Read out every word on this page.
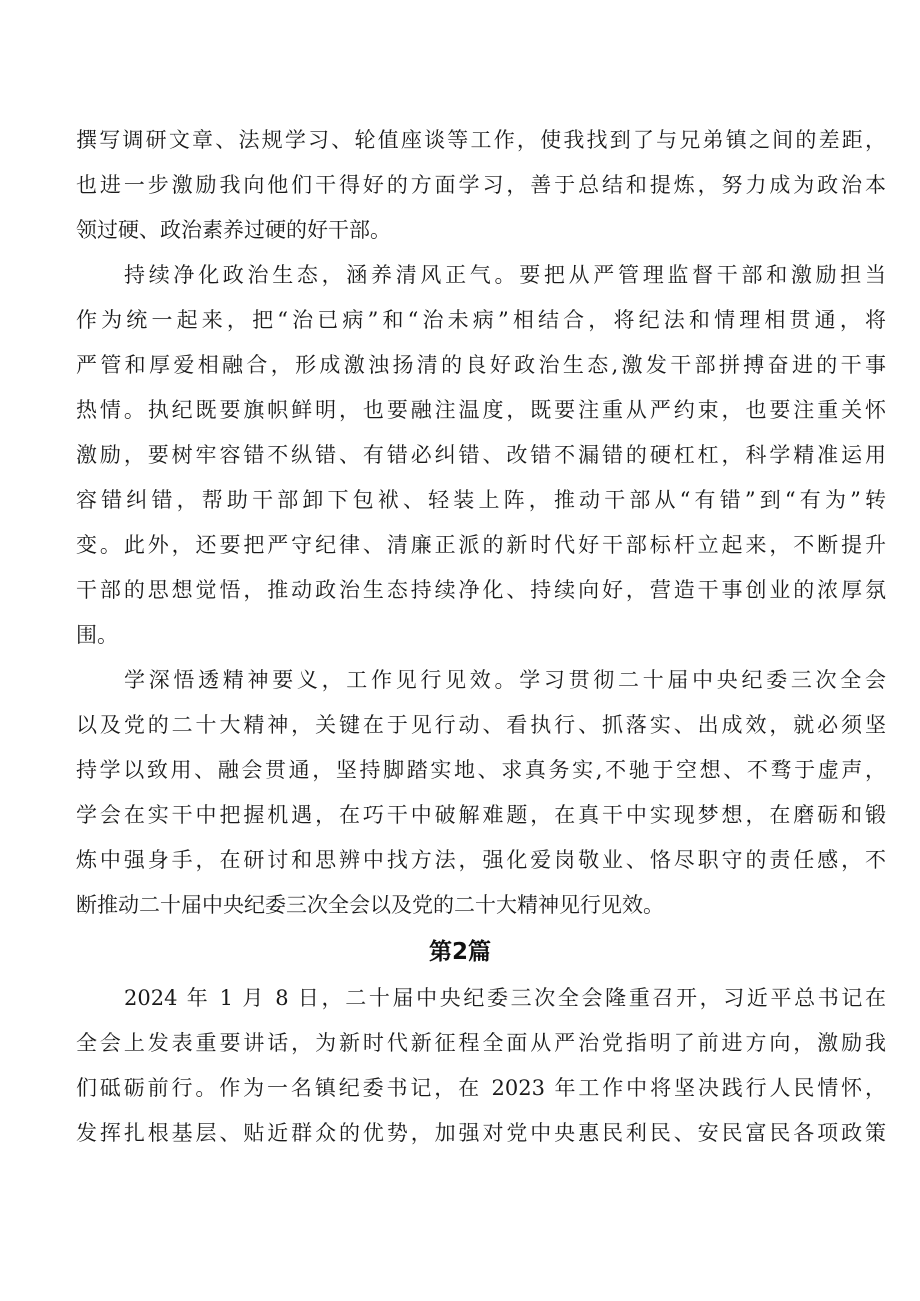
撰写调研文章、法规学习、轮值座谈等工作，使我找到了与兄弟镇之间的差距，
也进一步激励我向他们干得好的方面学习，善于总结和提炼，努力成为政治本
领过硬、政治素养过硬的好干部。
持续净化政治生态，涵养清风正气。要把从严管理监督干部和激励担当
作为统一起来，把“治已病”和“治未病”相结合，将纪法和情理相贯通，将
严管和厚爱相融合，形成激浊扬清的良好政治生态,激发干部拼搏奋进的干事
热情。执纪既要旗帜鲜明，也要融注温度，既要注重从严约束，也要注重关怀
激励，要树牢容错不纵错、有错必纠错、改错不漏错的硬杠杠，科学精准运用
容错纠错，帮助干部卸下包袱、轻装上阵，推动干部从“有错”到“有为”转
变。此外，还要把严守纪律、清廉正派的新时代好干部标杆立起来，不断提升
干部的思想觉悟，推动政治生态持续净化、持续向好，营造干事创业的浓厚氛
围。
学深悟透精神要义，工作见行见效。学习贯彻二十届中央纪委三次全会
以及党的二十大精神，关键在于见行动、看执行、抓落实、出成效，就必须坚
持学以致用、融会贯通，坚持脚踏实地、求真务实,不驰于空想、不骛于虚声，
学会在实干中把握机遇，在巧干中破解难题，在真干中实现梦想，在磨砺和锻
炼中强身手，在研讨和思辨中找方法，强化爱岗敬业、恪尽职守的责任感，不
断推动二十届中央纪委三次全会以及党的二十大精神见行见效。
第2篇
2024 年 1 月 8 日，二十届中央纪委三次全会隆重召开，习近平总书记在
全会上发表重要讲话，为新时代新征程全面从严治党指明了前进方向，激励我
们砥砺前行。作为一名镇纪委书记，在 2023 年工作中将坚决践行人民情怀，
发挥扎根基层、贴近群众的优势，加强对党中央惠民利民、安民富民各项政策
